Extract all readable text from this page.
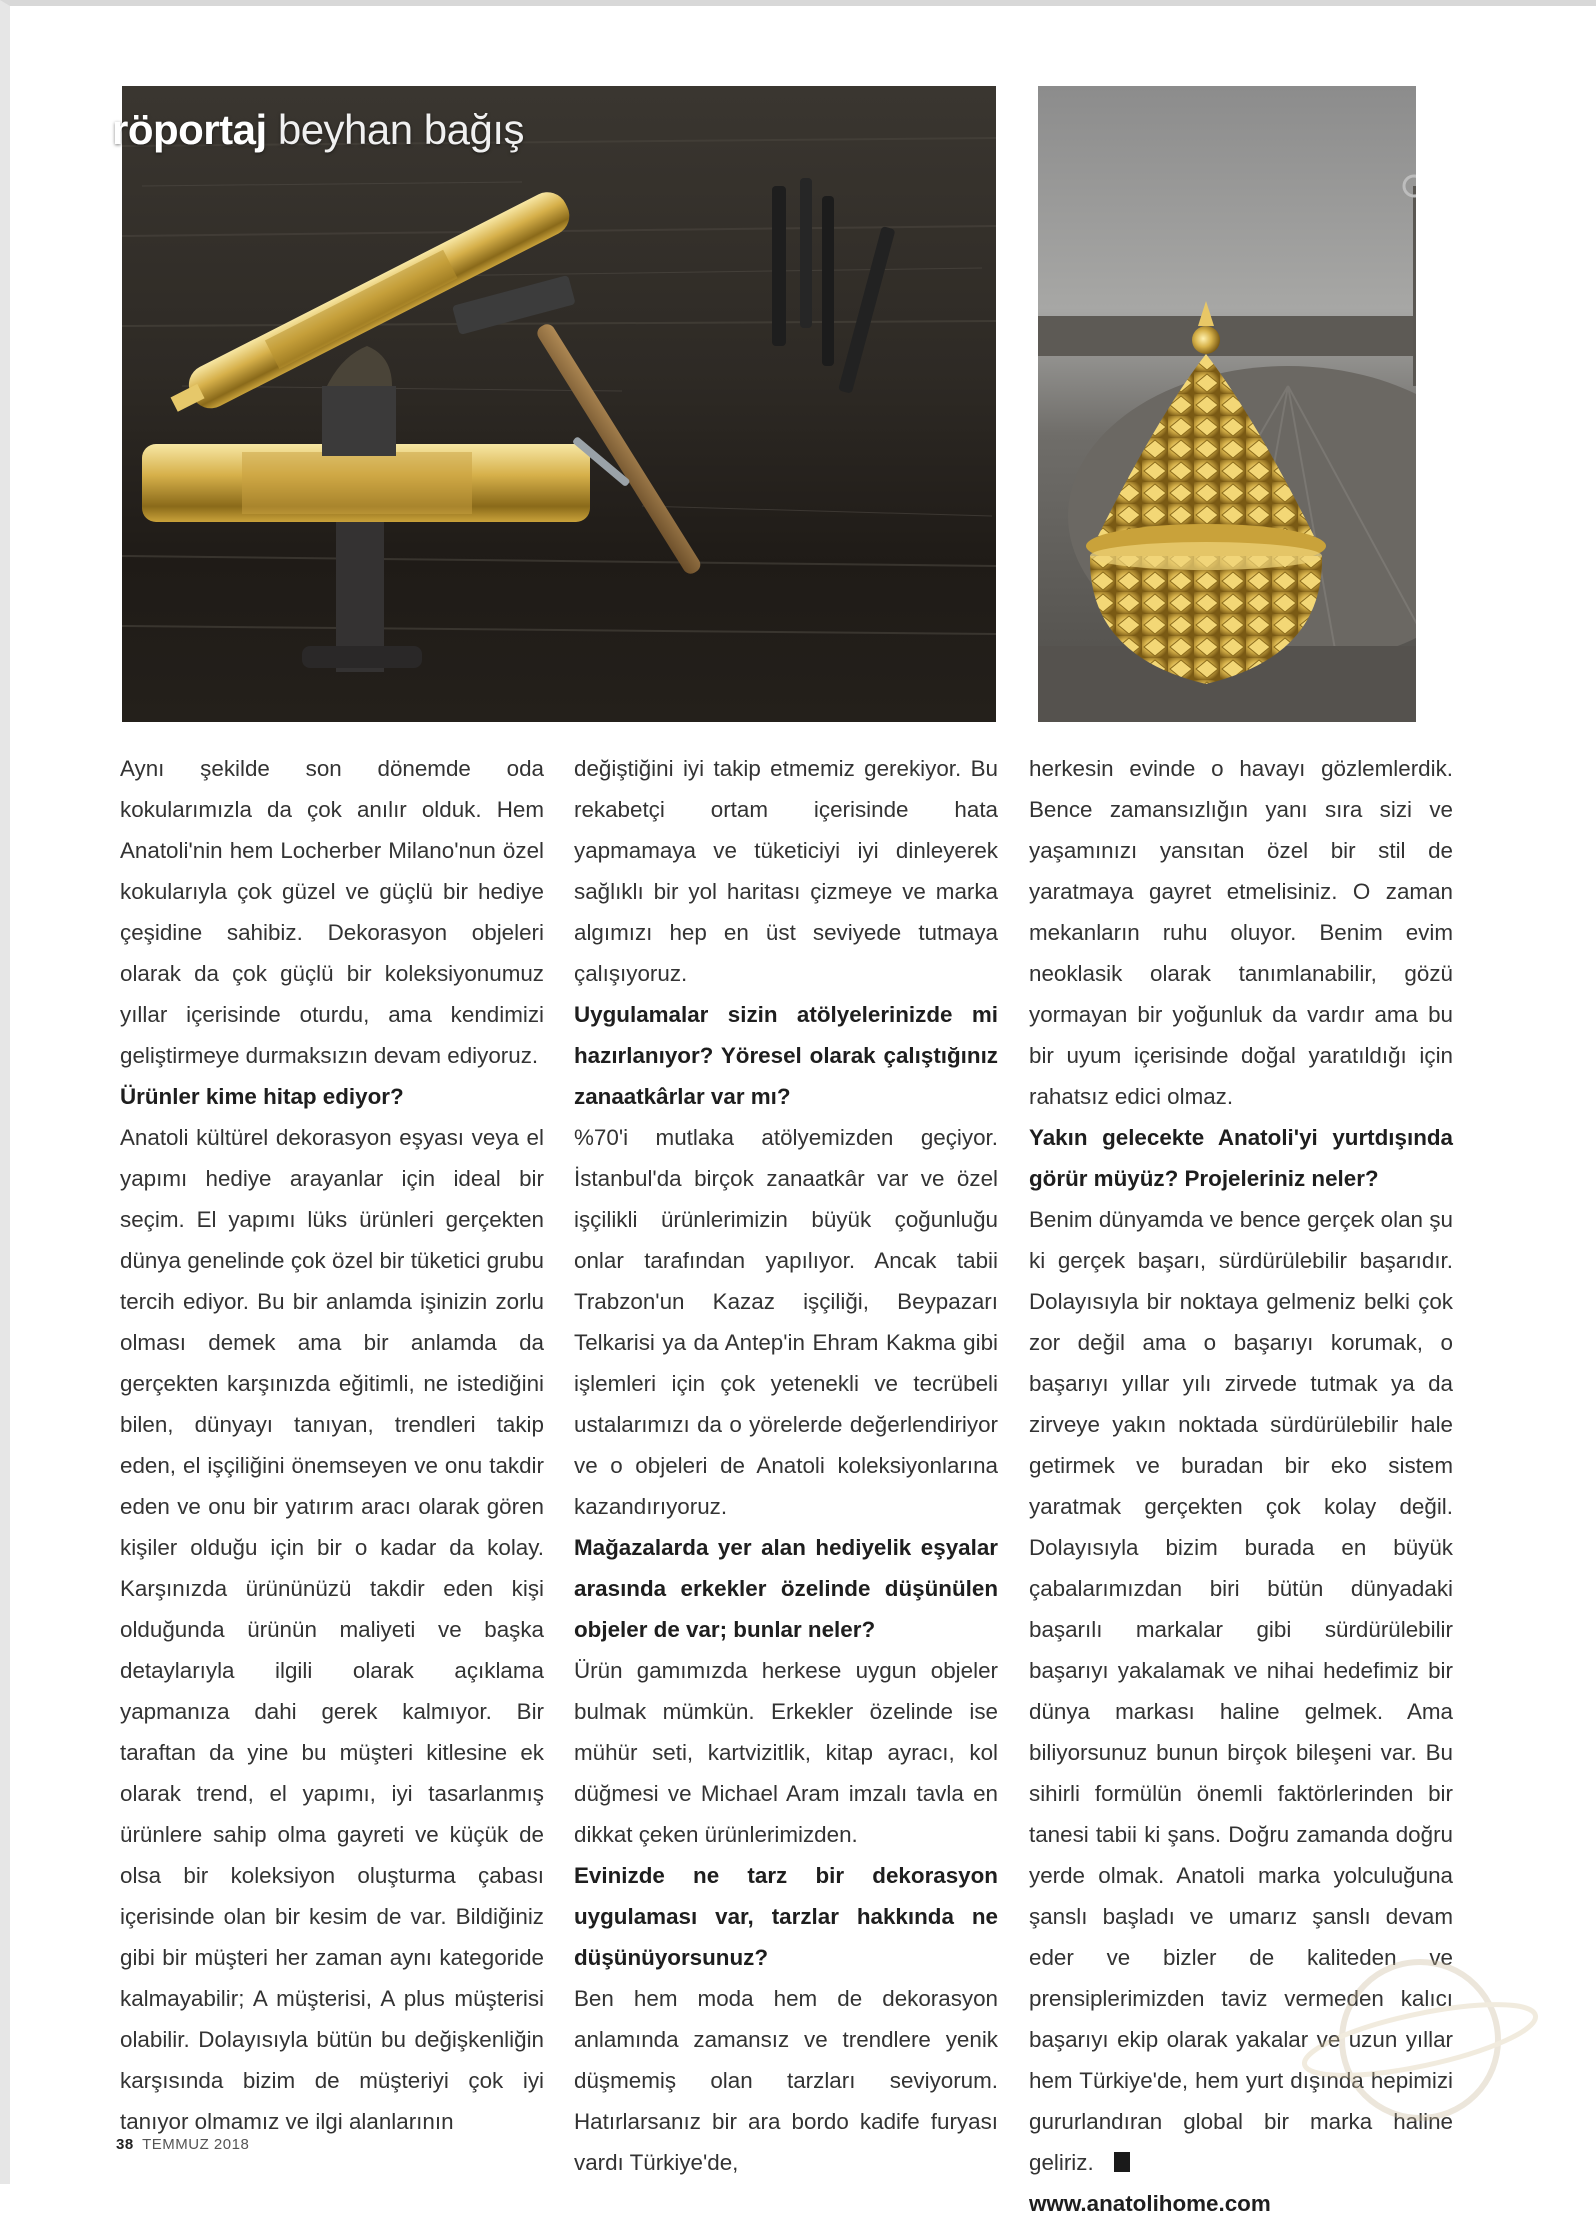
röportaj beyhan bağış

Aynı şekilde son dönemde oda kokularımızla da çok anılır olduk. Hem Anatoli'nin hem Locherber Milano'nun özel kokularıyla çok güzel ve güçlü bir hediye çeşidine sahibiz. Dekorasyon objeleri olarak da çok güçlü bir koleksiyonumuz yıllar içerisinde oturdu, ama kendimizi geliştirmeye durmaksızın devam ediyoruz.

Ürünler kime hitap ediyor?

Anatoli kültürel dekorasyon eşyası veya el yapımı hediye arayanlar için ideal bir seçim. El yapımı lüks ürünleri gerçekten dünya genelinde çok özel bir tüketici grubu tercih ediyor. Bu bir anlamda işinizin zorlu olması demek ama bir anlamda da gerçekten karşınızda eğitimli, ne istediğini bilen, dünyayı tanıyan, trendleri takip eden, el işçiliğini önemseyen ve onu takdir eden ve onu bir yatırım aracı olarak gören kişiler olduğu için bir o kadar da kolay. Karşınızda ürününüzü takdir eden kişi olduğunda ürünün maliyeti ve başka detaylarıyla ilgili olarak açıklama yapmanıza dahi gerek kalmıyor. Bir taraftan da yine bu müşteri kitlesine ek olarak trend, el yapımı, iyi tasarlanmış ürünlere sahip olma gayreti ve küçük de olsa bir koleksiyon oluşturma çabası içerisinde olan bir kesim de var. Bildiğiniz gibi bir müşteri her zaman aynı kategoride kalmayabilir; A müşterisi, A plus müşterisi olabilir. Dolayısıyla bütün bu değişkenliğin karşısında bizim de müşteriyi çok iyi tanıyor olmamız ve ilgi alanlarının

değiştiğini iyi takip etmemiz gerekiyor. Bu rekabetçi ortam içerisinde hata yapmamaya ve tüketiciyi iyi dinleyerek sağlıklı bir yol haritası çizmeye ve marka algımızı hep en üst seviyede tutmaya çalışıyoruz.

Uygulamalar sizin atölyelerinizde mi hazırlanıyor? Yöresel olarak çalıştığınız zanaatkârlar var mı?

%70'i mutlaka atölyemizden geçiyor. İstanbul'da birçok zanaatkâr var ve özel işçilikli ürünlerimizin büyük çoğunluğu onlar tarafından yapılıyor. Ancak tabii Trabzon'un Kazaz işçiliği, Beypazarı Telkarisi ya da Antep'in Ehram Kakma gibi işlemleri için çok yetenekli ve tecrübeli ustalarımızı da o yörelerde değerlendiriyor ve o objeleri de Anatoli koleksiyonlarına kazandırıyoruz.

Mağazalarda yer alan hediyelik eşyalar arasında erkekler özelinde düşünülen objeler de var; bunlar neler?

Ürün gamımızda herkese uygun objeler bulmak mümkün. Erkekler özelinde ise mühür seti, kartvizitlik, kitap ayracı, kol düğmesi ve Michael Aram imzalı tavla en dikkat çeken ürünlerimizden.

Evinizde ne tarz bir dekorasyon uygulaması var, tarzlar hakkında ne düşünüyorsunuz?

Ben hem moda hem de dekorasyon anlamında zamansız ve trendlere yenik düşmemiş olan tarzları seviyorum. Hatırlarsanız bir ara bordo kadife furyası vardı Türkiye'de,

herkesin evinde o havayı gözlemlerdik. Bence zamansızlığın yanı sıra sizi ve yaşamınızı yansıtan özel bir stil de yaratmaya gayret etmelisiniz. O zaman mekanların ruhu oluyor. Benim evim neoklasik olarak tanımlanabilir, gözü yormayan bir yoğunluk da vardır ama bu bir uyum içerisinde doğal yaratıldığı için rahatsız edici olmaz.

Yakın gelecekte Anatoli'yi yurtdışında görür müyüz? Projeleriniz neler?

Benim dünyamda ve bence gerçek olan şu ki gerçek başarı, sürdürülebilir başarıdır. Dolayısıyla bir noktaya gelmeniz belki çok zor değil ama o başarıyı korumak, o başarıyı yıllar yılı zirvede tutmak ya da zirveye yakın noktada sürdürülebilir hale getirmek ve buradan bir eko sistem yaratmak gerçekten çok kolay değil. Dolayısıyla bizim burada en büyük çabalarımızdan biri bütün dünyadaki başarılı markalar gibi sürdürülebilir başarıyı yakalamak ve nihai hedefimiz bir dünya markası haline gelmek. Ama biliyorsunuz bunun birçok bileşeni var. Bu sihirli formülün önemli faktörlerinden bir tanesi tabii ki şans. Doğru zamanda doğru yerde olmak. Anatoli marka yolculuğuna şanslı başladı ve umarız şanslı devam eder ve bizler de kaliteden ve prensiplerimizden taviz vermeden kalıcı başarıyı ekip olarak yakalar ve uzun yıllar hem Türkiye'de, hem yurt dışında hepimizi gururlandıran global bir marka haline geliriz.

www.anatolihome.com

38 TEMMUZ 2018
